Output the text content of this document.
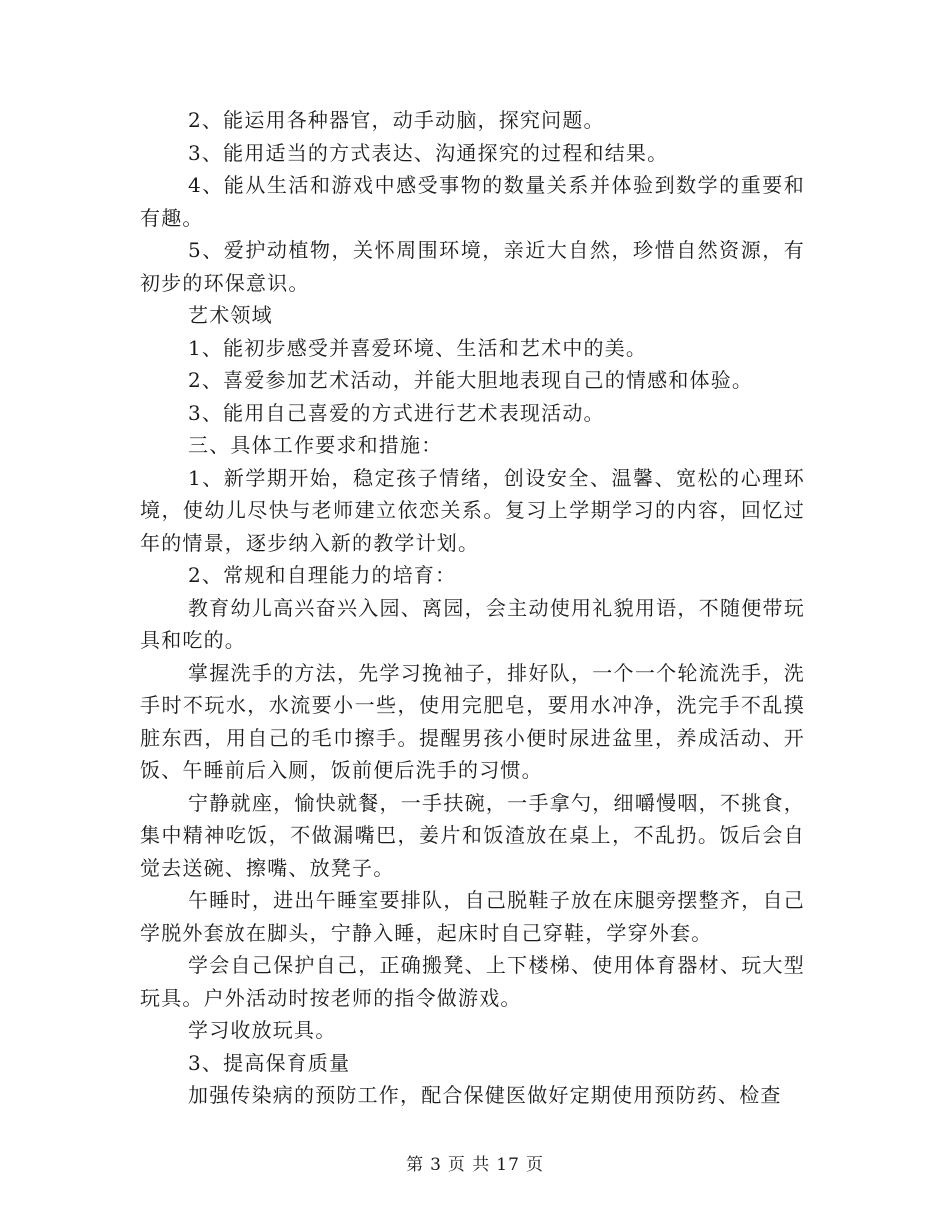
2、能运用各种器官，动手动脑，探究问题。

3、能用适当的方式表达、沟通探究的过程和结果。

4、能从生活和游戏中感受事物的数量关系并体验到数学的重要和有趣。

5、爱护动植物，关怀周围环境，亲近大自然，珍惜自然资源，有初步的环保意识。

艺术领域

1、能初步感受并喜爱环境、生活和艺术中的美。

2、喜爱参加艺术活动，并能大胆地表现自己的情感和体验。

3、能用自己喜爱的方式进行艺术表现活动。

三、具体工作要求和措施：

1、新学期开始，稳定孩子情绪，创设安全、温馨、宽松的心理环境，使幼儿尽快与老师建立依恋关系。复习上学期学习的内容，回忆过年的情景，逐步纳入新的教学计划。

2、常规和自理能力的培育：

教育幼儿高兴奋兴入园、离园，会主动使用礼貌用语，不随便带玩具和吃的。

掌握洗手的方法，先学习挽袖子，排好队，一个一个轮流洗手，洗手时不玩水，水流要小一些，使用完肥皂，要用水冲净，洗完手不乱摸脏东西，用自己的毛巾擦手。提醒男孩小便时尿进盆里，养成活动、开饭、午睡前后入厕，饭前便后洗手的习惯。

宁静就座，愉快就餐，一手扶碗，一手拿勺，细嚼慢咽，不挑食，集中精神吃饭，不做漏嘴巴，姜片和饭渣放在桌上，不乱扔。饭后会自觉去送碗、擦嘴、放凳子。

午睡时，进出午睡室要排队，自己脱鞋子放在床腿旁摆整齐，自己学脱外套放在脚头，宁静入睡，起床时自己穿鞋，学穿外套。

学会自己保护自己，正确搬凳、上下楼梯、使用体育器材、玩大型玩具。户外活动时按老师的指令做游戏。

学习收放玩具。

3、提高保育质量

加强传染病的预防工作，配合保健医做好定期使用预防药、检查

第 3 页 共 17 页
